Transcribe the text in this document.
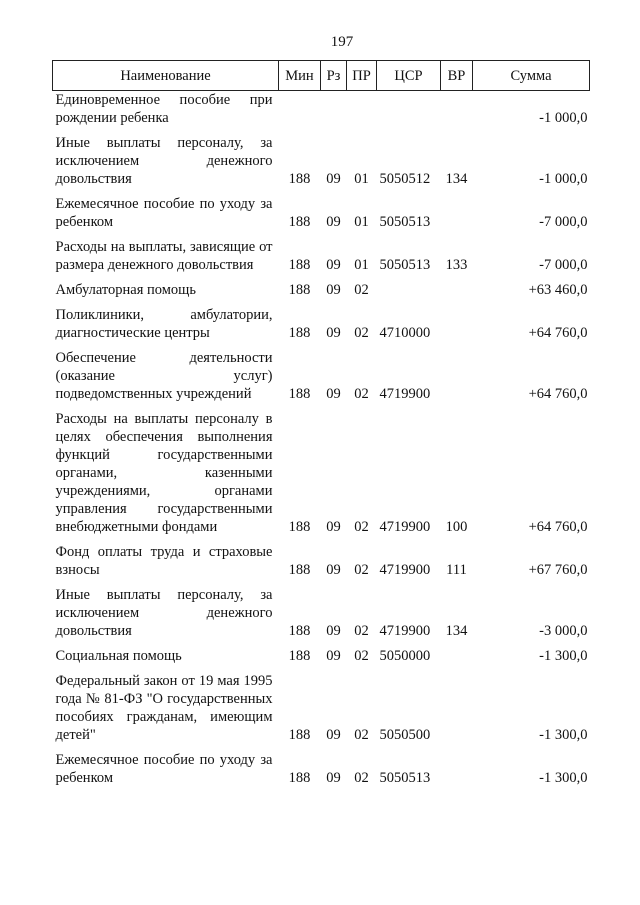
197
Наименование	Мин	Рз	ПР	ЦСР	ВР	Сумма
Единовременное пособие при рождении ребенка						-1 000,0
Иные выплаты персоналу, за исключением денежного довольствия	188	09	01	5050512	134	-1 000,0
Ежемесячное пособие по уходу за ребенком	188	09	01	5050513		-7 000,0
Расходы на выплаты, зависящие от размера денежного довольствия	188	09	01	5050513	133	-7 000,0
Амбулаторная помощь	188	09	02			+63 460,0
Поликлиники, амбулатории, диагностические центры	188	09	02	4710000		+64 760,0
Обеспечение деятельности (оказание услуг) подведомственных учреждений	188	09	02	4719900		+64 760,0
Расходы на выплаты персоналу в целях обеспечения выполнения функций государственными органами, казенными учреждениями, органами управления государственными внебюджетными фондами	188	09	02	4719900	100	+64 760,0
Фонд оплаты труда и страховые взносы	188	09	02	4719900	111	+67 760,0
Иные выплаты персоналу, за исключением денежного довольствия	188	09	02	4719900	134	-3 000,0
Социальная помощь	188	09	02	5050000		-1 300,0
Федеральный закон от 19 мая 1995 года № 81-ФЗ "О государственных пособиях гражданам, имеющим детей"	188	09	02	5050500		-1 300,0
Ежемесячное пособие по уходу за ребенком	188	09	02	5050513		-1 300,0
